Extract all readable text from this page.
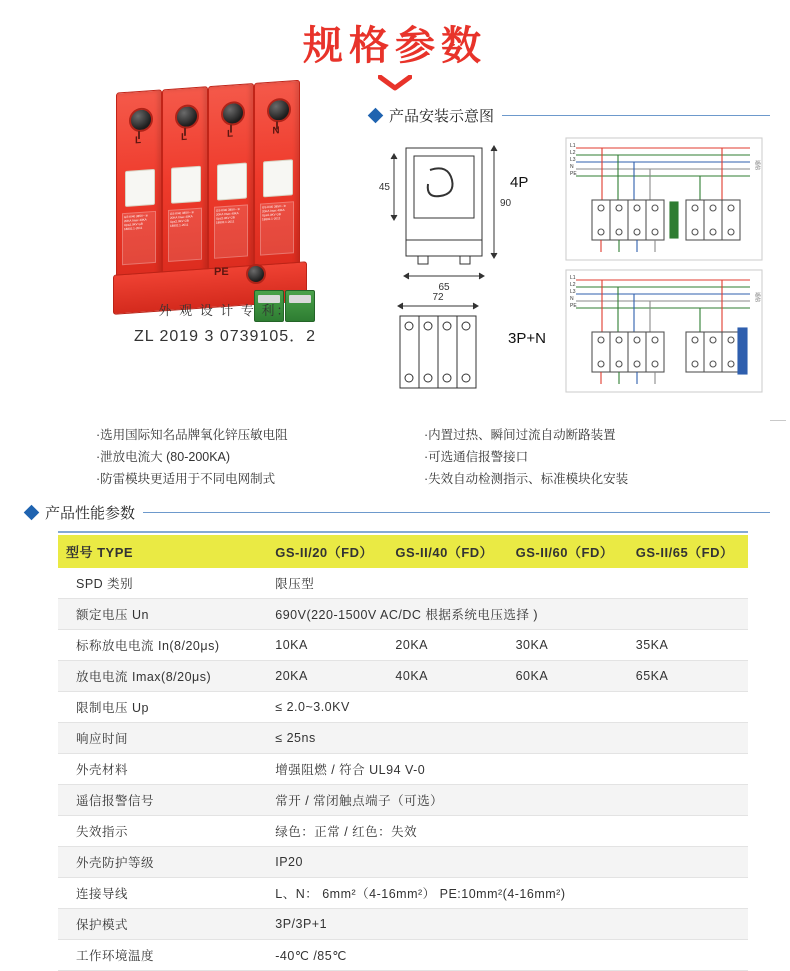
规格参数
GS-II/40 385V~ In 20KA Imax 40KA Up≤2.0KV GB 18802.1-2011
GS-II/40 385V~ In 20KA Imax 40KA Up≤2.0KV GB 18802.1-2011
GS-II/40 385V~ In 20KA Imax 40KA Up≤2.0KV GB 18802.1-2011
GS-II/40 385V~ In 20KA Imax 40KA Up≤2.0KV GB 18802.1-2011
L	L	L	N
PE
外 观 设 计 专 利：
ZL 2019 3 0739105．2
产品安装示意图
45
90
65
72
L1
L2
L3
N
PE
遥信
L1
L2
L3
N
PE
遥信
4P
3P+N
·选用国际知名品牌氧化锌压敏电阻
·泄放电流大 (80-200KA)
·防雷模块更适用于不同电网制式
·内置过热、瞬间过流自动断路装置
·可选通信报警接口
·失效自动检测指示、标准模块化安装
产品性能参数
型号 TYPE	GS-II/20（FD）	GS-II/40（FD）	GS-II/60（FD）	GS-II/65（FD）
SPD 类别	限压型			
额定电压 Un	690V(220-1500V AC/DC 根据系统电压选择 )			
标称放电电流 In(8/20μs)	10KA	20KA	30KA	35KA
放电电流 Imax(8/20μs)	20KA	40KA	60KA	65KA
限制电压 Up	≤ 2.0~3.0KV			
响应时间	≤ 25ns			
外壳材料	增强阻燃 / 符合 UL94 V-0			
遥信报警信号	常开 / 常闭触点端子（可选）			
失效指示	绿色：正常 / 红色：失效			
外壳防护等级	IP20			
连接导线	L、N： 6mm²（4-16mm²） PE:10mm²(4-16mm²)			
保护模式	3P/3P+1			
工作环境温度	-40℃ /85℃			
